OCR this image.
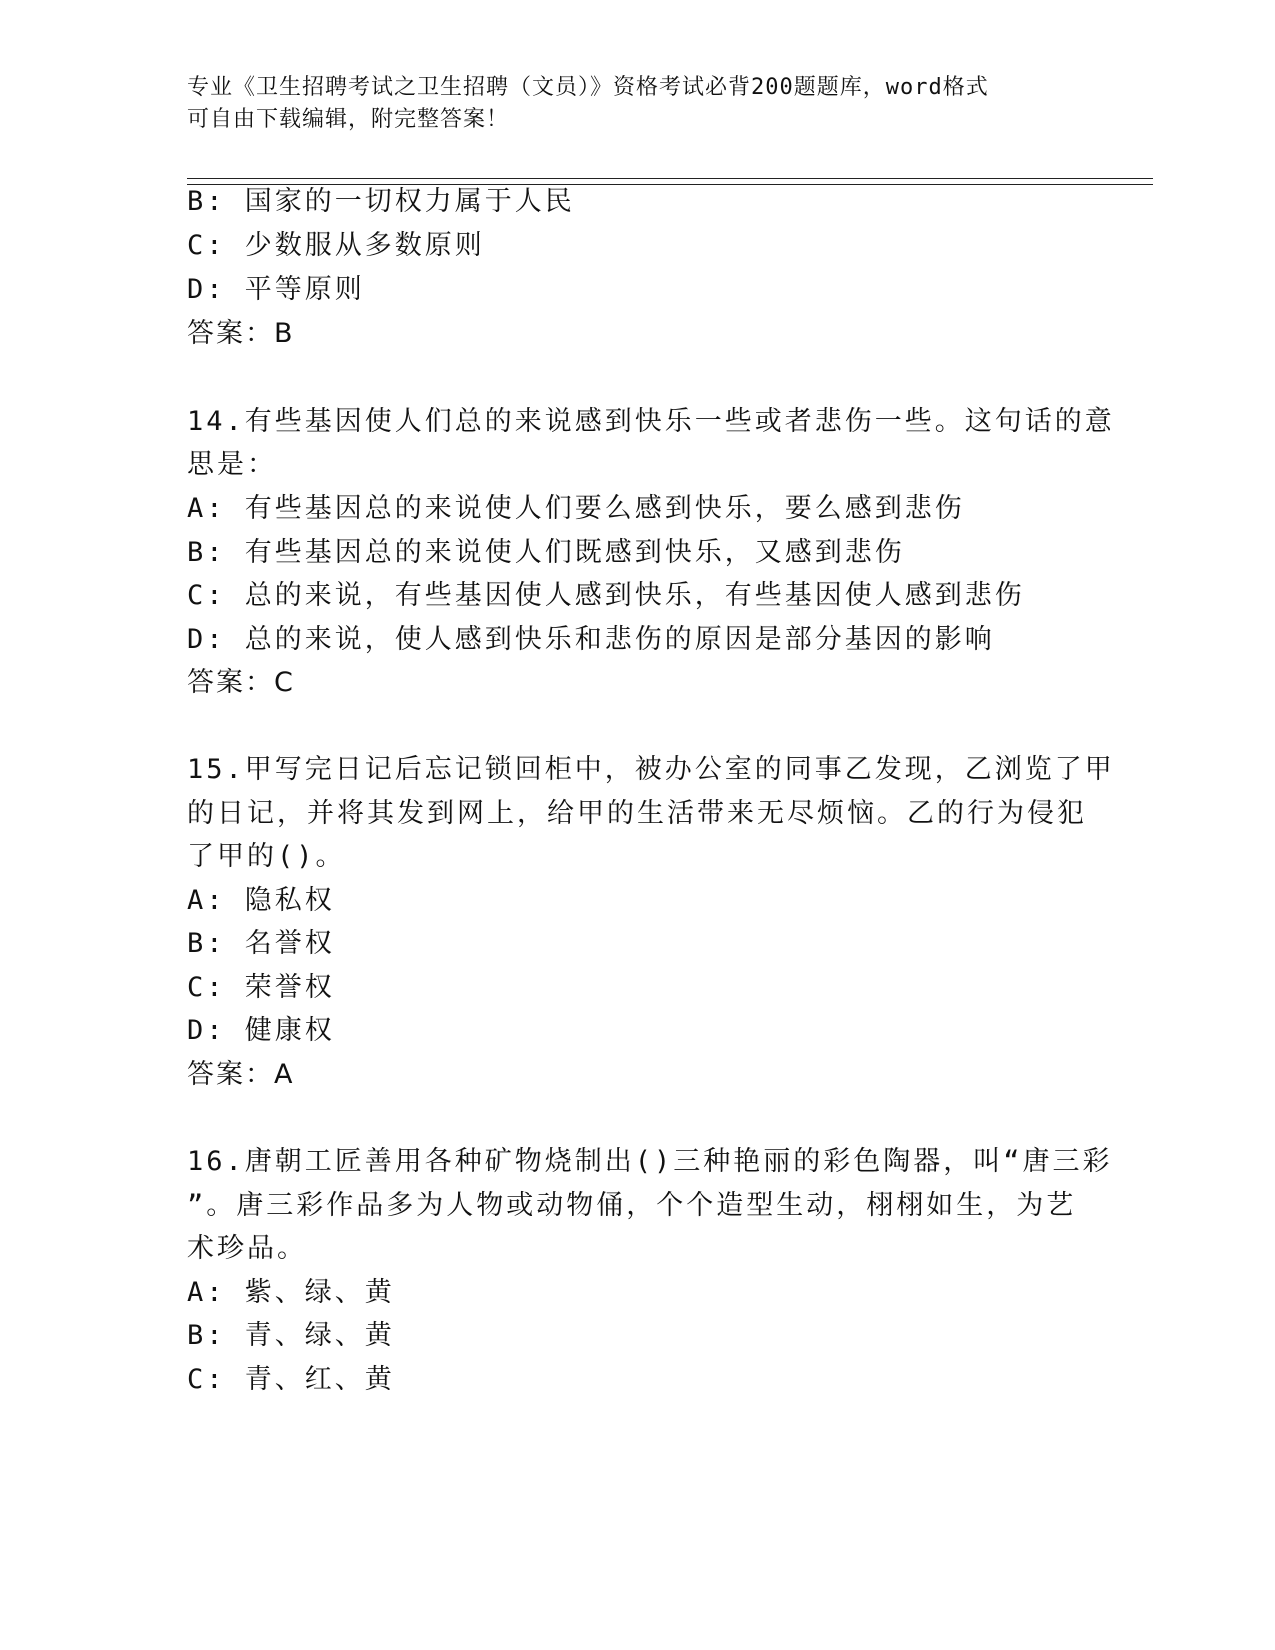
专业《卫生招聘考试之卫生招聘（文员）》资格考试必背200题题库，word格式
可自由下载编辑，附完整答案！
B: 国家的一切权力属于人民
C: 少数服从多数原则
D: 平等原则
答案：B
14.有些基因使人们总的来说感到快乐一些或者悲伤一些。这句话的意
思是：
A: 有些基因总的来说使人们要么感到快乐，要么感到悲伤
B: 有些基因总的来说使人们既感到快乐，又感到悲伤
C: 总的来说，有些基因使人感到快乐，有些基因使人感到悲伤
D: 总的来说，使人感到快乐和悲伤的原因是部分基因的影响
答案：C
15.甲写完日记后忘记锁回柜中，被办公室的同事乙发现，乙浏览了甲
的日记，并将其发到网上，给甲的生活带来无尽烦恼。乙的行为侵犯
了甲的()。
A: 隐私权
B: 名誉权
C: 荣誉权
D: 健康权
答案：A
16.唐朝工匠善用各种矿物烧制出()三种艳丽的彩色陶器，叫“唐三彩
”。唐三彩作品多为人物或动物俑，个个造型生动，栩栩如生，为艺
术珍品。
A: 紫、绿、黄
B: 青、绿、黄
C: 青、红、黄
